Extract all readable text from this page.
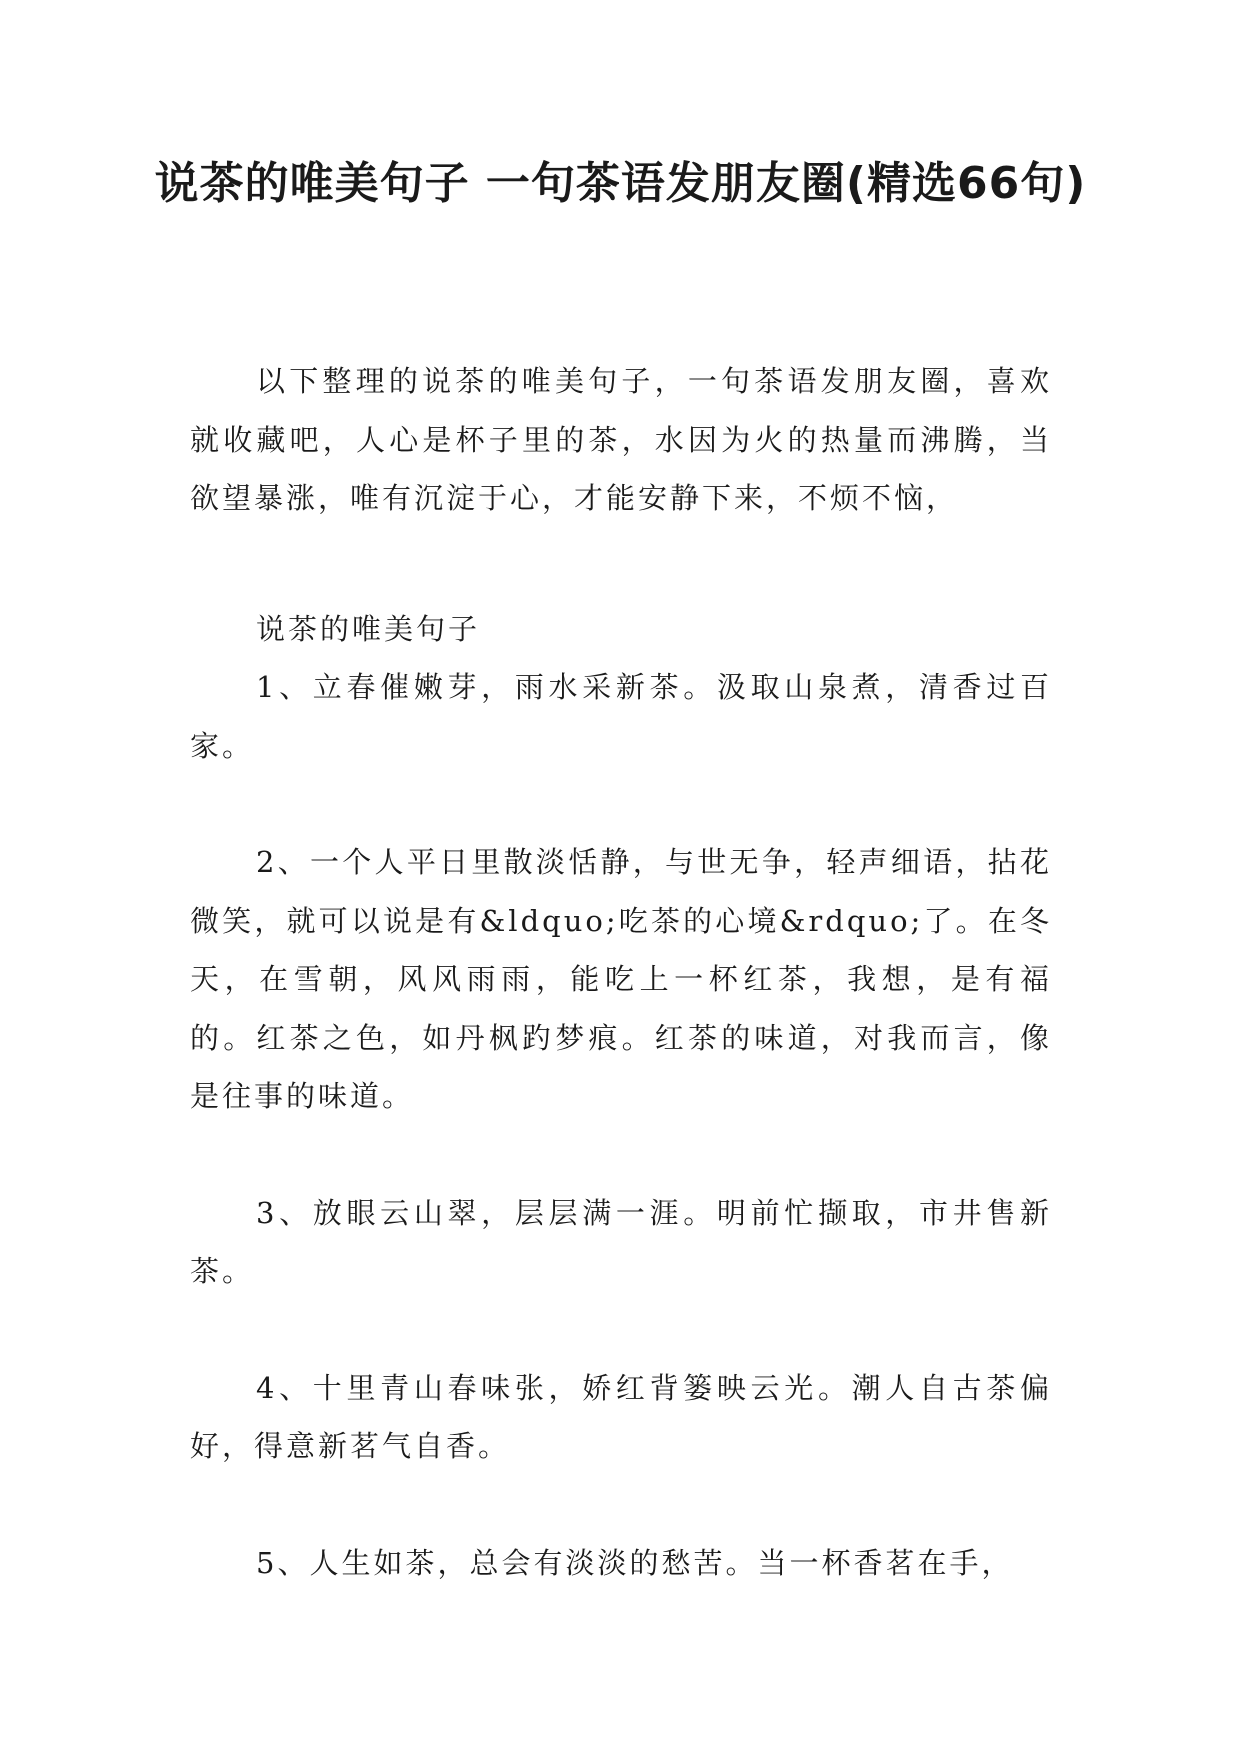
说茶的唯美句子 一句茶语发朋友圈(精选66句)

以下整理的说茶的唯美句子，一句茶语发朋友圈，喜欢就收藏吧，人心是杯子里的茶，水因为火的热量而沸腾，当欲望暴涨，唯有沉淀于心，才能安静下来，不烦不恼，

说茶的唯美句子

1、立春催嫩芽，雨水采新茶。汲取山泉煮，清香过百家。

2、一个人平日里散淡恬静，与世无争，轻声细语，拈花微笑，就可以说是有&ldquo;吃茶的心境&rdquo;了。在冬天，在雪朝，风风雨雨，能吃上一杯红茶，我想，是有福的。红茶之色，如丹枫趵梦痕。红茶的味道，对我而言，像是往事的味道。

3、放眼云山翠，层层满一涯。明前忙撷取，市井售新茶。

4、十里青山春味张，娇红背篓映云光。潮人自古茶偏好，得意新茗气自香。

5、人生如茶，总会有淡淡的愁苦。当一杯香茗在手，
